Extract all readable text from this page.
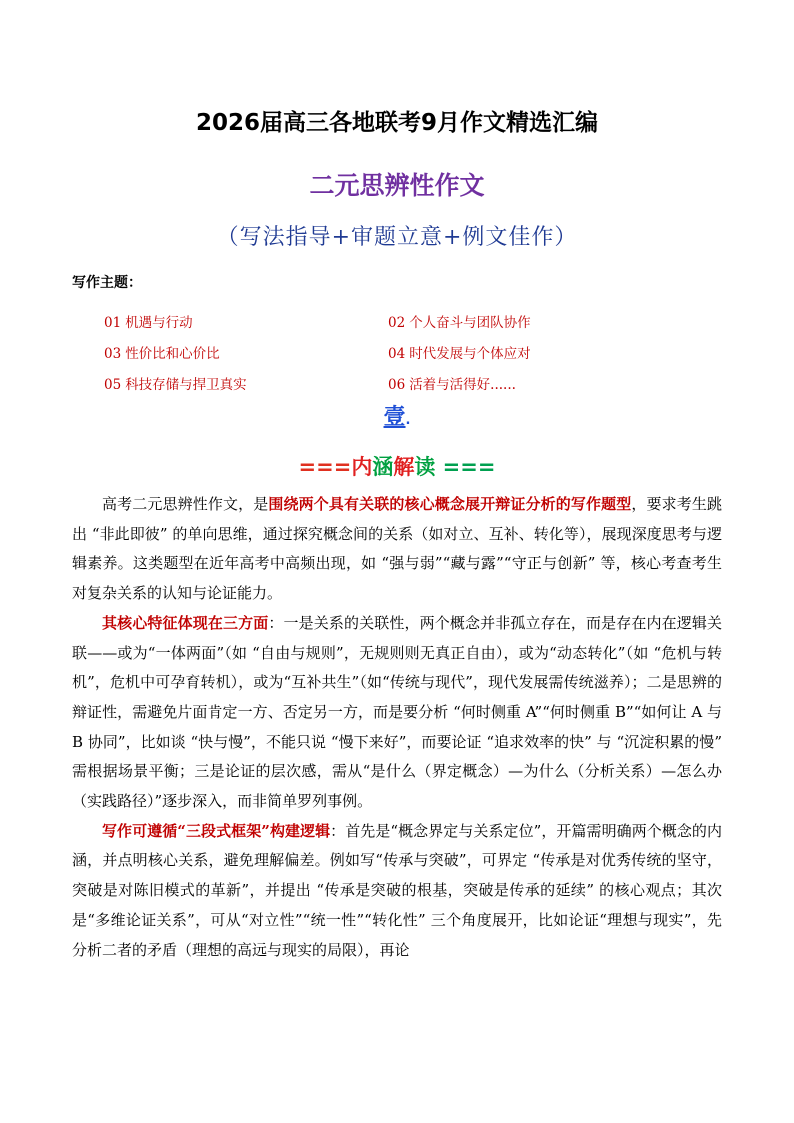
2026届高三各地联考9月作文精选汇编
二元思辨性作文
（写法指导+审题立意+例文佳作）
写作主题：
01 机遇与行动	02 个人奋斗与团队协作
03 性价比和心价比	04 时代发展与个体应对
05 科技存储与捍卫真实	06 活着与活得好......
壹.
===内涵解读 ===

高考二元思辨性作文，是围绕两个具有关联的核心概念展开辩证分析的写作题型，要求考生跳出 “非此即彼” 的单向思维，通过探究概念间的关系（如对立、互补、转化等），展现深度思考与逻辑素养。这类题型在近年高考中高频出现，如 “强与弱”“藏与露”“守正与创新” 等，核心考查考生对复杂关系的认知与论证能力。

其核心特征体现在三方面：一是关系的关联性，两个概念并非孤立存在，而是存在内在逻辑关联——或为“一体两面”（如 “自由与规则”，无规则则无真正自由），或为“动态转化”（如 “危机与转机”，危机中可孕育转机），或为“互补共生”（如“传统与现代”，现代发展需传统滋养）；二是思辨的辩证性，需避免片面肯定一方、否定另一方，而是要分析 “何时侧重 A”“何时侧重 B”“如何让 A 与 B 协同”，比如谈 “快与慢”，不能只说 “慢下来好”，而要论证 “追求效率的快” 与 “沉淀积累的慢” 需根据场景平衡；三是论证的层次感，需从“是什么（界定概念）—为什么（分析关系）—怎么办（实践路径）”逐步深入，而非简单罗列事例。

写作可遵循“三段式框架”构建逻辑：首先是“概念界定与关系定位”，开篇需明确两个概念的内涵，并点明核心关系，避免理解偏差。例如写“传承与突破”，可界定 “传承是对优秀传统的坚守，突破是对陈旧模式的革新”，并提出 “传承是突破的根基，突破是传承的延续” 的核心观点；其次是“多维论证关系”，可从“对立性”“统一性”“转化性” 三个角度展开，比如论证“理想与现实”，先分析二者的矛盾（理想的高远与现实的局限），再论
